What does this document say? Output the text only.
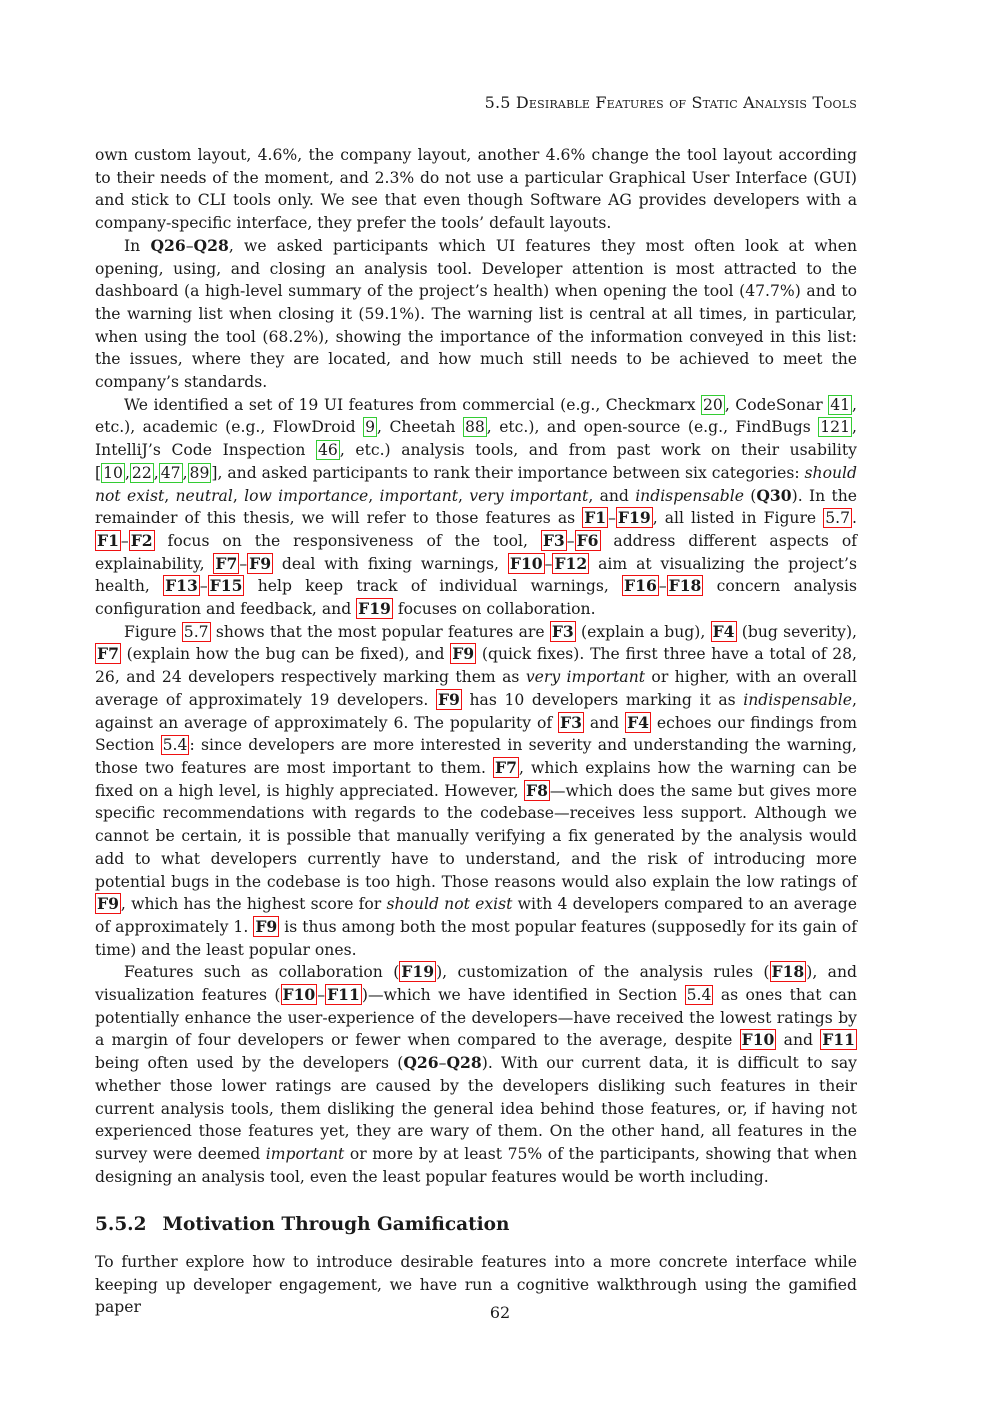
5.5 Desirable Features of Static Analysis Tools

own custom layout, 4.6%, the company layout, another 4.6% change the tool layout according to their needs of the moment, and 2.3% do not use a particular Graphical User Interface (GUI) and stick to CLI tools only. We see that even though Software AG provides developers with a company-specific interface, they prefer the tools’ default layouts.

In Q26–Q28, we asked participants which UI features they most often look at when opening, using, and closing an analysis tool. Developer attention is most attracted to the dashboard (a high-level summary of the project’s health) when opening the tool (47.7%) and to the warning list when closing it (59.1%). The warning list is central at all times, in particular, when using the tool (68.2%), showing the importance of the information conveyed in this list: the issues, where they are located, and how much still needs to be achieved to meet the company’s standards.

We identified a set of 19 UI features from commercial (e.g., Checkmarx 20 , CodeSonar 41 , etc.), academic (e.g., FlowDroid 9 , Cheetah 88 , etc.), and open-source (e.g., FindBugs 121 , IntelliJ’s Code Inspection 46 , etc.) analysis tools, and from past work on their usability [ 10 , 22 , 47 , 89 ], and asked participants to rank their importance between six categories: should not exist, neutral, low importance, important, very important, and indispensable (Q30). In the remainder of this thesis, we will refer to those features as F1 – F19 , all listed in Figure 5.7 . F1 – F2 focus on the responsiveness of the tool, F3 – F6 address different aspects of explainability, F7 – F9 deal with fixing warnings, F10 – F12 aim at visualizing the project’s health, F13 – F15 help keep track of individual warnings, F16 – F18 concern analysis configuration and feedback, and F19 focuses on collaboration.

Figure 5.7 shows that the most popular features are F3 (explain a bug), F4 (bug severity), F7 (explain how the bug can be fixed), and F9 (quick fixes). The first three have a total of 28, 26, and 24 developers respectively marking them as very important or higher, with an overall average of approximately 19 developers. F9 has 10 developers marking it as indispensable, against an average of approximately 6. The popularity of F3 and F4 echoes our findings from Section 5.4 : since developers are more interested in severity and understanding the warning, those two features are most important to them. F7 , which explains how the warning can be fixed on a high level, is highly appreciated. However, F8 —which does the same but gives more specific recommendations with regards to the codebase—receives less support. Although we cannot be certain, it is possible that manually verifying a fix generated by the analysis would add to what developers currently have to understand, and the risk of introducing more potential bugs in the codebase is too high. Those reasons would also explain the low ratings of F9 , which has the highest score for should not exist with 4 developers compared to an average of approximately 1. F9 is thus among both the most popular features (supposedly for its gain of time) and the least popular ones.

Features such as collaboration ( F19 ), customization of the analysis rules ( F18 ), and visualization features ( F10 – F11 )—which we have identified in Section 5.4 as ones that can potentially enhance the user-experience of the developers—have received the lowest ratings by a margin of four developers or fewer when compared to the average, despite F10 and F11 being often used by the developers (Q26–Q28). With our current data, it is difficult to say whether those lower ratings are caused by the developers disliking such features in their current analysis tools, them disliking the general idea behind those features, or, if having not experienced those features yet, they are wary of them. On the other hand, all features in the survey were deemed important or more by at least 75% of the participants, showing that when designing an analysis tool, even the least popular features would be worth including.

5.5.2 Motivation Through Gamification

To further explore how to introduce desirable features into a more concrete interface while keeping up developer engagement, we have run a cognitive walkthrough using the gamified paper	62
